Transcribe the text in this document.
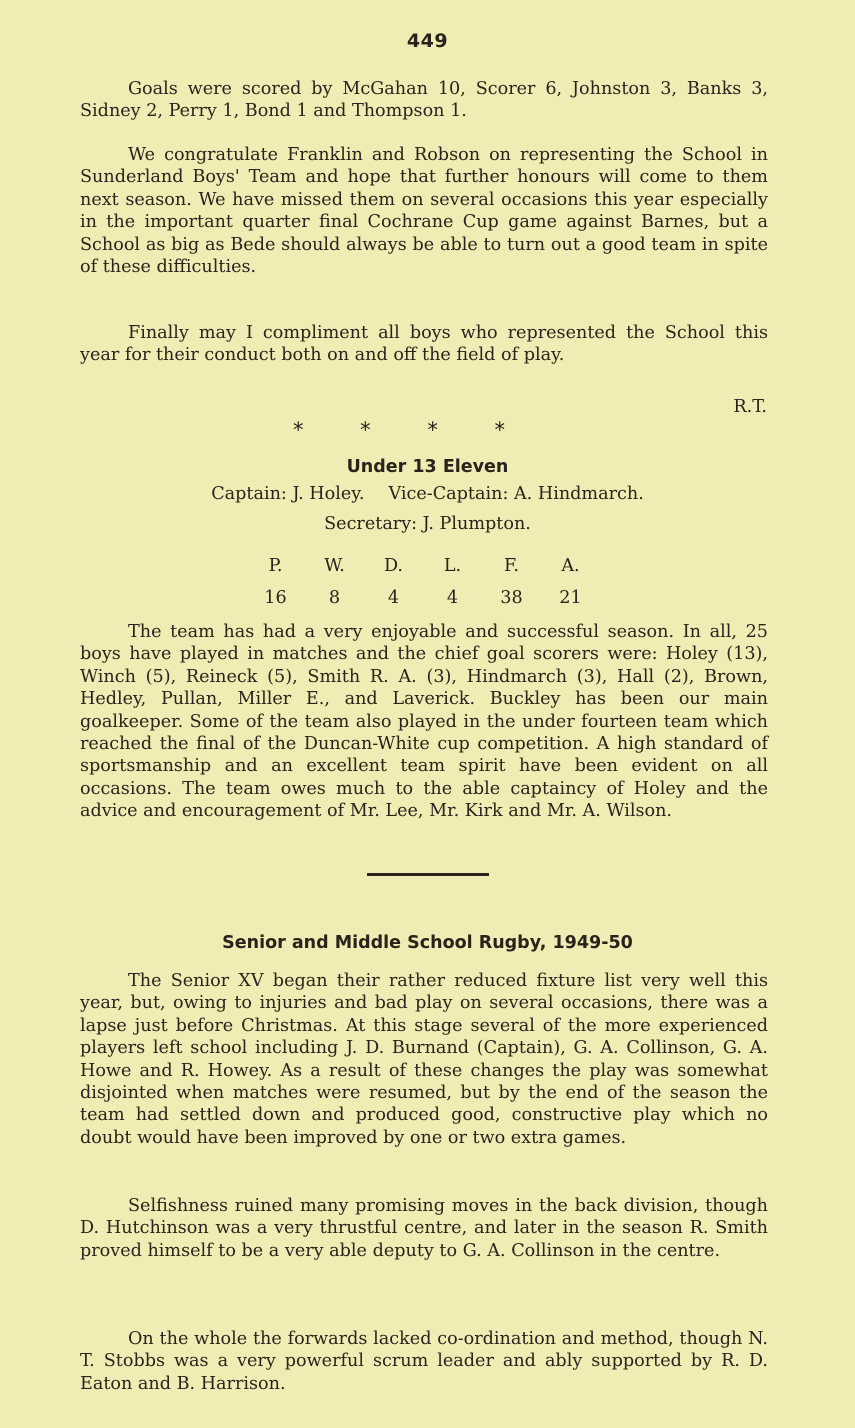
449

Goals were scored by McGahan 10, Scorer 6, Johnston 3, Banks 3, Sidney 2, Perry 1, Bond 1 and Thompson 1.

We congratulate Franklin and Robson on representing the School in Sunderland Boys' Team and hope that further honours will come to them next season. We have missed them on several occasions this year especially in the important quarter final Cochrane Cup game against Barnes, but a School as big as Bede should always be able to turn out a good team in spite of these difficulties.

Finally may I compliment all boys who represented the School this year for their conduct both on and off the field of play.

R.T.
* * * *
Under 13 Eleven
Captain: J. Holey. Vice-Captain: A. Hindmarch.
Secretary: J. Plumpton.
P.	W.	D.	L.	F.	A.
16	8	4	4	38	21

The team has had a very enjoyable and successful season. In all, 25 boys have played in matches and the chief goal scorers were: Holey (13), Winch (5), Reineck (5), Smith R. A. (3), Hindmarch (3), Hall (2), Brown, Hedley, Pullan, Miller E., and Laverick. Buckley has been our main goalkeeper. Some of the team also played in the under fourteen team which reached the final of the Duncan-White cup competition. A high standard of sportsmanship and an excellent team spirit have been evident on all occasions. The team owes much to the able captaincy of Holey and the advice and encouragement of Mr. Lee, Mr. Kirk and Mr. A. Wilson.

Senior and Middle School Rugby, 1949-50

The Senior XV began their rather reduced fixture list very well this year, but, owing to injuries and bad play on several occasions, there was a lapse just before Christmas. At this stage several of the more experienced players left school including J. D. Burnand (Captain), G. A. Collinson, G. A. Howe and R. Howey. As a result of these changes the play was somewhat disjointed when matches were resumed, but by the end of the season the team had settled down and produced good, constructive play which no doubt would have been improved by one or two extra games.

Selfishness ruined many promising moves in the back division, though D. Hutchinson was a very thrustful centre, and later in the season R. Smith proved himself to be a very able deputy to G. A. Collinson in the centre.

On the whole the forwards lacked co-ordination and method, though N. T. Stobbs was a very powerful scrum leader and ably supported by R. D. Eaton and B. Harrison.
